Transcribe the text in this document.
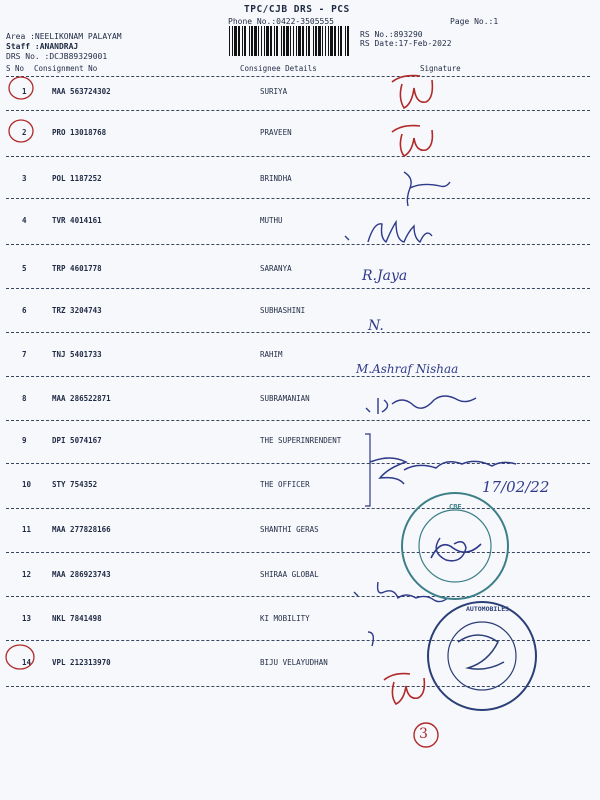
TPC/CJB DRS - PCS
Phone No.:0422-3505555	Page No.:1
Area :NEELIKONAM PALAYAM
Staff :ANANDRAJ
DRS No. :DCJB89329001
RS No.:893290
RS Date:17-Feb-2022
S No Consignment No	Consignee Details	Signature
1	MAA 563724302	SURIYA
2	PRO 13018768	PRAVEEN
3	POL 1187252	BRINDHA
4	TVR 4014161	MUTHU
5	TRP 4601778	SARANYA
6	TRZ 3204743	SUBHASHINI
7	TNJ 5401733	RAHIM
8	MAA 286522871	SUBRAMANIAN
9	DPI 5074167	THE SUPERINRENDENT
10	STY 754352	THE OFFICER
11	MAA 277828166	SHANTHI GERAS
12	MAA 286923743	SHIRAA GLOBAL
13	NKL 7841498	KI MOBILITY
14	VPL 212313970	BIJU VELAYUDHAN
3
R.Jaya
N.
M.Ashraf Nishaa
17/02/22
CBE
AUTOMOBILES
